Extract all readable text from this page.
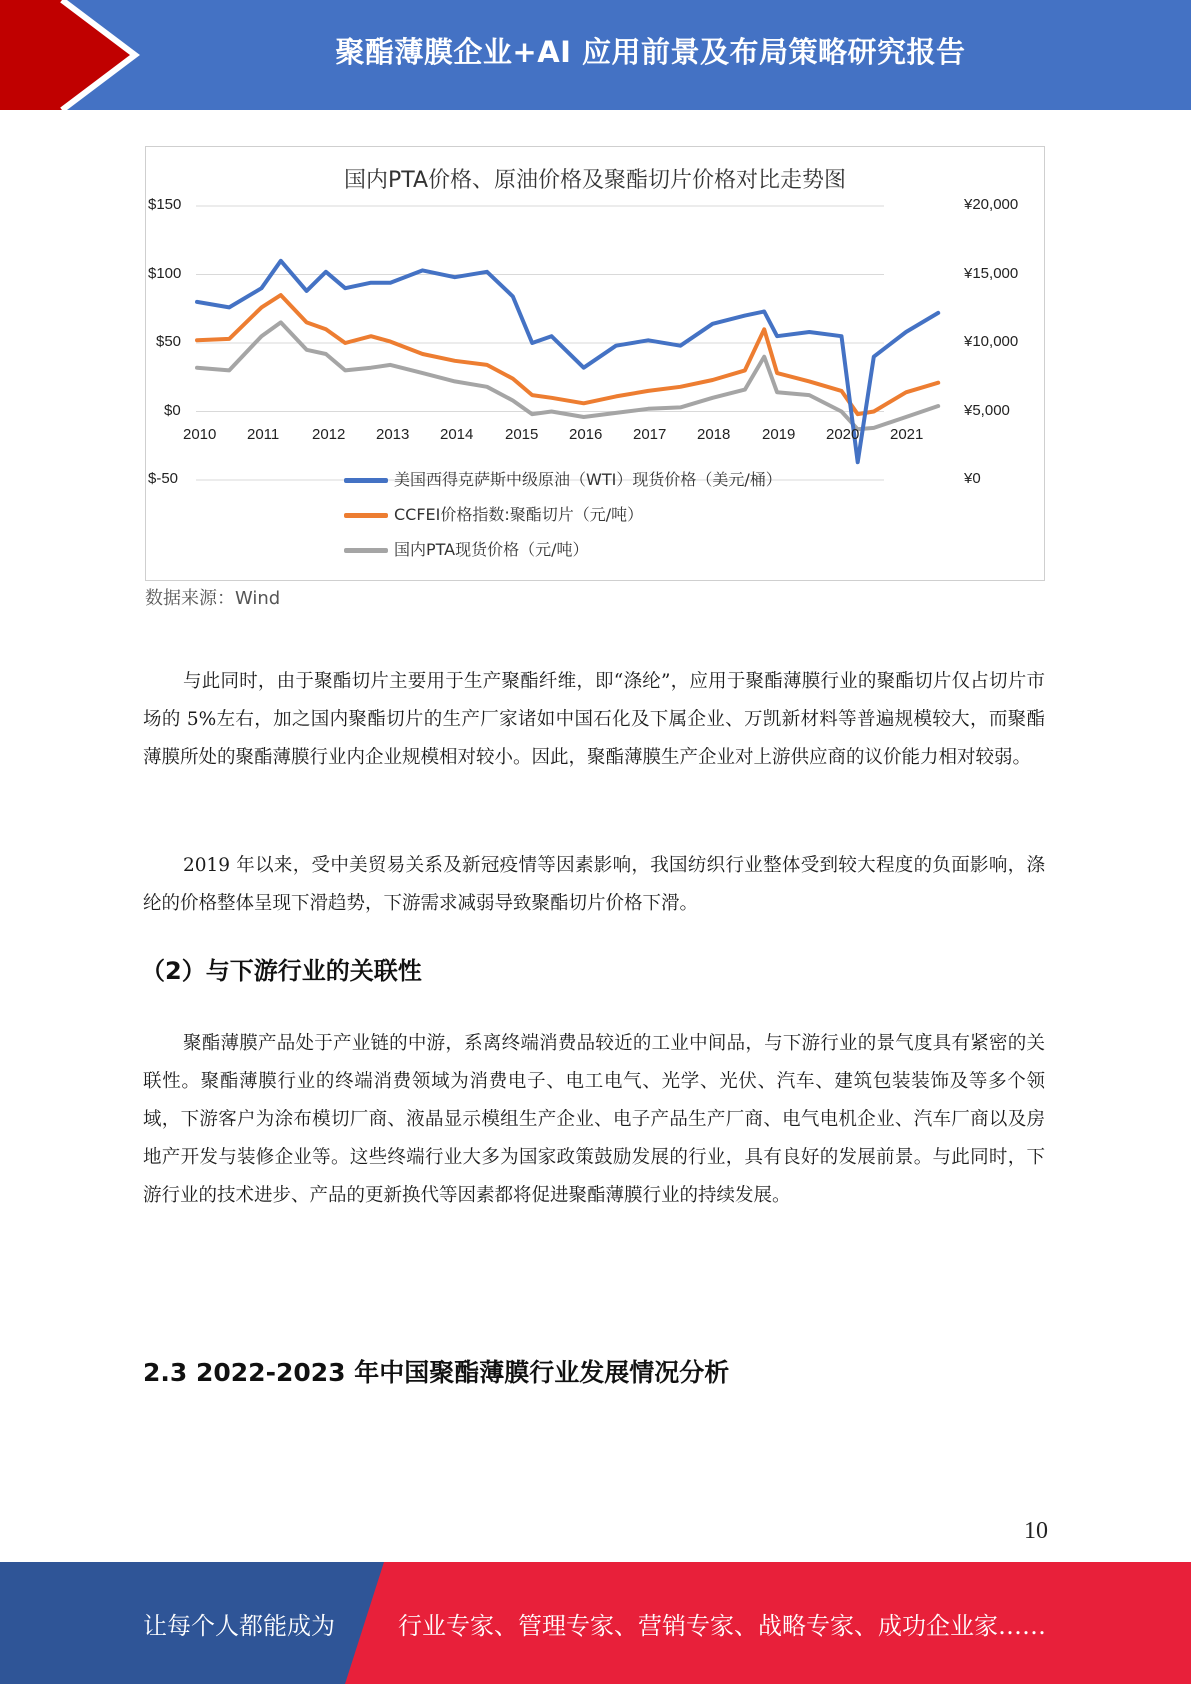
聚酯薄膜企业+AI 应用前景及布局策略研究报告
国内PTA价格、原油价格及聚酯切片价格对比走势图
$150
$100
$50
$0
$-50
¥20,000
¥15,000
¥10,000
¥5,000
¥0
2010 2011 2012 2013 2014 2015 2016 2017 2018 2019 2020 2021
美国西得克萨斯中级原油（WTI）现货价格（美元/桶）
CCFEI价格指数:聚酯切片（元/吨）
国内PTA现货价格（元/吨）
数据来源：Wind

与此同时，由于聚酯切片主要用于生产聚酯纤维，即“涤纶”，应用于聚酯薄膜行业的聚酯切片仅占切片市场的 5%左右，加之国内聚酯切片的生产厂家诸如中国石化及下属企业、万凯新材料等普遍规模较大，而聚酯薄膜所处的聚酯薄膜行业内企业规模相对较小。因此，聚酯薄膜生产企业对上游供应商的议价能力相对较弱。

2019 年以来，受中美贸易关系及新冠疫情等因素影响，我国纺织行业整体受到较大程度的负面影响，涤纶的价格整体呈现下滑趋势，下游需求减弱导致聚酯切片价格下滑。

（2）与下游行业的关联性

聚酯薄膜产品处于产业链的中游，系离终端消费品较近的工业中间品，与下游行业的景气度具有紧密的关联性。聚酯薄膜行业的终端消费领域为消费电子、电工电气、光学、光伏、汽车、建筑包装装饰及等多个领域，下游客户为涂布模切厂商、液晶显示模组生产企业、电子产品生产厂商、电气电机企业、汽车厂商以及房地产开发与装修企业等。这些终端行业大多为国家政策鼓励发展的行业，具有良好的发展前景。与此同时，下游行业的技术进步、产品的更新换代等因素都将促进聚酯薄膜行业的持续发展。

2.3 2022-2023 年中国聚酯薄膜行业发展情况分析
10
让每个人都能成为	行业专家、管理专家、营销专家、战略专家、成功企业家……
